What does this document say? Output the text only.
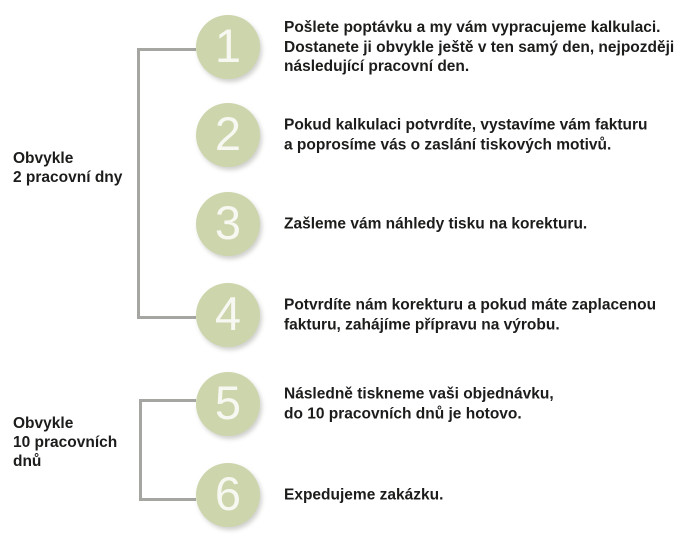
Obvykle
2 pracovní dny
Obvykle
10 pracovních
dnů
1	Pošlete poptávku a my vám vypracujeme kalkulaci.
Dostanete ji obvykle ještě v ten samý den, nejpozději
následující pracovní den.
2	Pokud kalkulaci potvrdíte, vystavíme vám fakturu
a poprosíme vás o zaslání tiskových motivů.
3	Zašleme vám náhledy tisku na korekturu.
4	Potvrdíte nám korekturu a pokud máte zaplacenou
fakturu, zahájíme přípravu na výrobu.
5	Následně tiskneme vaši objednávku,
do 10 pracovních dnů je hotovo.
6	Expedujeme zakázku.
